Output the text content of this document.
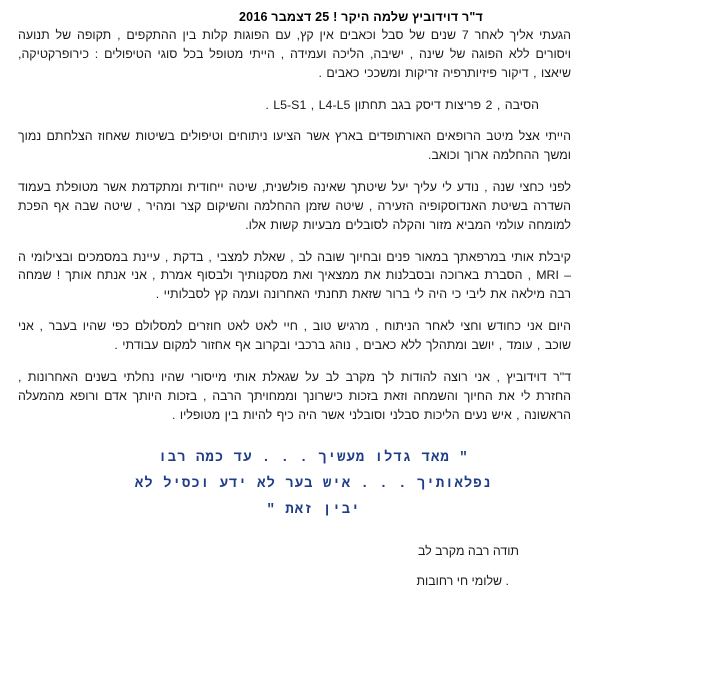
ד"ר דוידוביץ שלמה היקר ! 25 דצמבר 2016

הגעתי אליך לאחר 7 שנים של סבל וכאבים אין קץ, עם הפוגות קלות בין ההתקפים , תקופה של תנועה ויסורים ללא הפוגה של שינה , ישיבה, הליכה ועמידה , הייתי מטופל בכל סוגי הטיפולים : כירופרקטיקה, שיאצו , דיקור פיזיותרפיה זריקות ומשככי כאבים .

הסיבה , 2 פריצות דיסק בגב תחתון L5-S1 , L4-L5 .

הייתי אצל מיטב הרופאים האורתופדים בארץ אשר הציעו ניתוחים וטיפולים בשיטות שאחוז הצלחתם נמוך ומשך ההחלמה ארוך וכואב.

לפני כחצי שנה , נודע לי עליך יעל שיטתך שאינה פולשנית, שיטה ייחודית ומתקדמת אשר מטופלת בעמוד השדרה בשיטת האנדוסקופיה הזעירה , שיטה שזמן ההחלמה והשיקום קצר ומהיר , שיטה שבה אף הפכת למומחה עולמי המביא מזור והקלה לסובלים מבעיות קשות אלו.

קיבלת אותי במרפאתך במאור פנים ובחיוך שובה לב , שאלת למצבי , בדקת , עיינת במסמכים ובצילומי ה – MRI , הסברת בארוכה ובסבלנות את ממצאיך ואת מסקנותיך ולבסוף אמרת , אני אנתח אותך ! שמחה רבה מילאה את ליבי כי היה לי ברור שזאת תחנתי האחרונה ועמה קץ לסבלותיי .

היום אני כחודש וחצי לאחר הניתוח , מרגיש טוב , חיי לאט לאט חוזרים למסלולם כפי שהיו בעבר , אני שוכב , עומד , יושב ומתהלך ללא כאבים , נוהג ברכבי ובקרוב אף אחזור למקום עבודתי .

ד"ר דוידוביץ , אני רוצה להודות לך מקרב לב על שגאלת אותי מייסורי שהיו נחלתי בשנים האחרונות , החזרת לי את החיוך והשמחה וזאת בזכות כישרונך וממחויתך הרבה , בזכות היותך אדם ורופא מהמעלה הראשונה , איש נעים הליכות סבלני וסובלני אשר היה כיף להיות בין מטופליו .

" מאד גדלו מעשיך . . . עד כמה רבו
נפלאותיך . . . איש בער לא ידע וכסיל לא
יבין זאת "
תודה רבה מקרב לב
. שלומי חי רחובות
